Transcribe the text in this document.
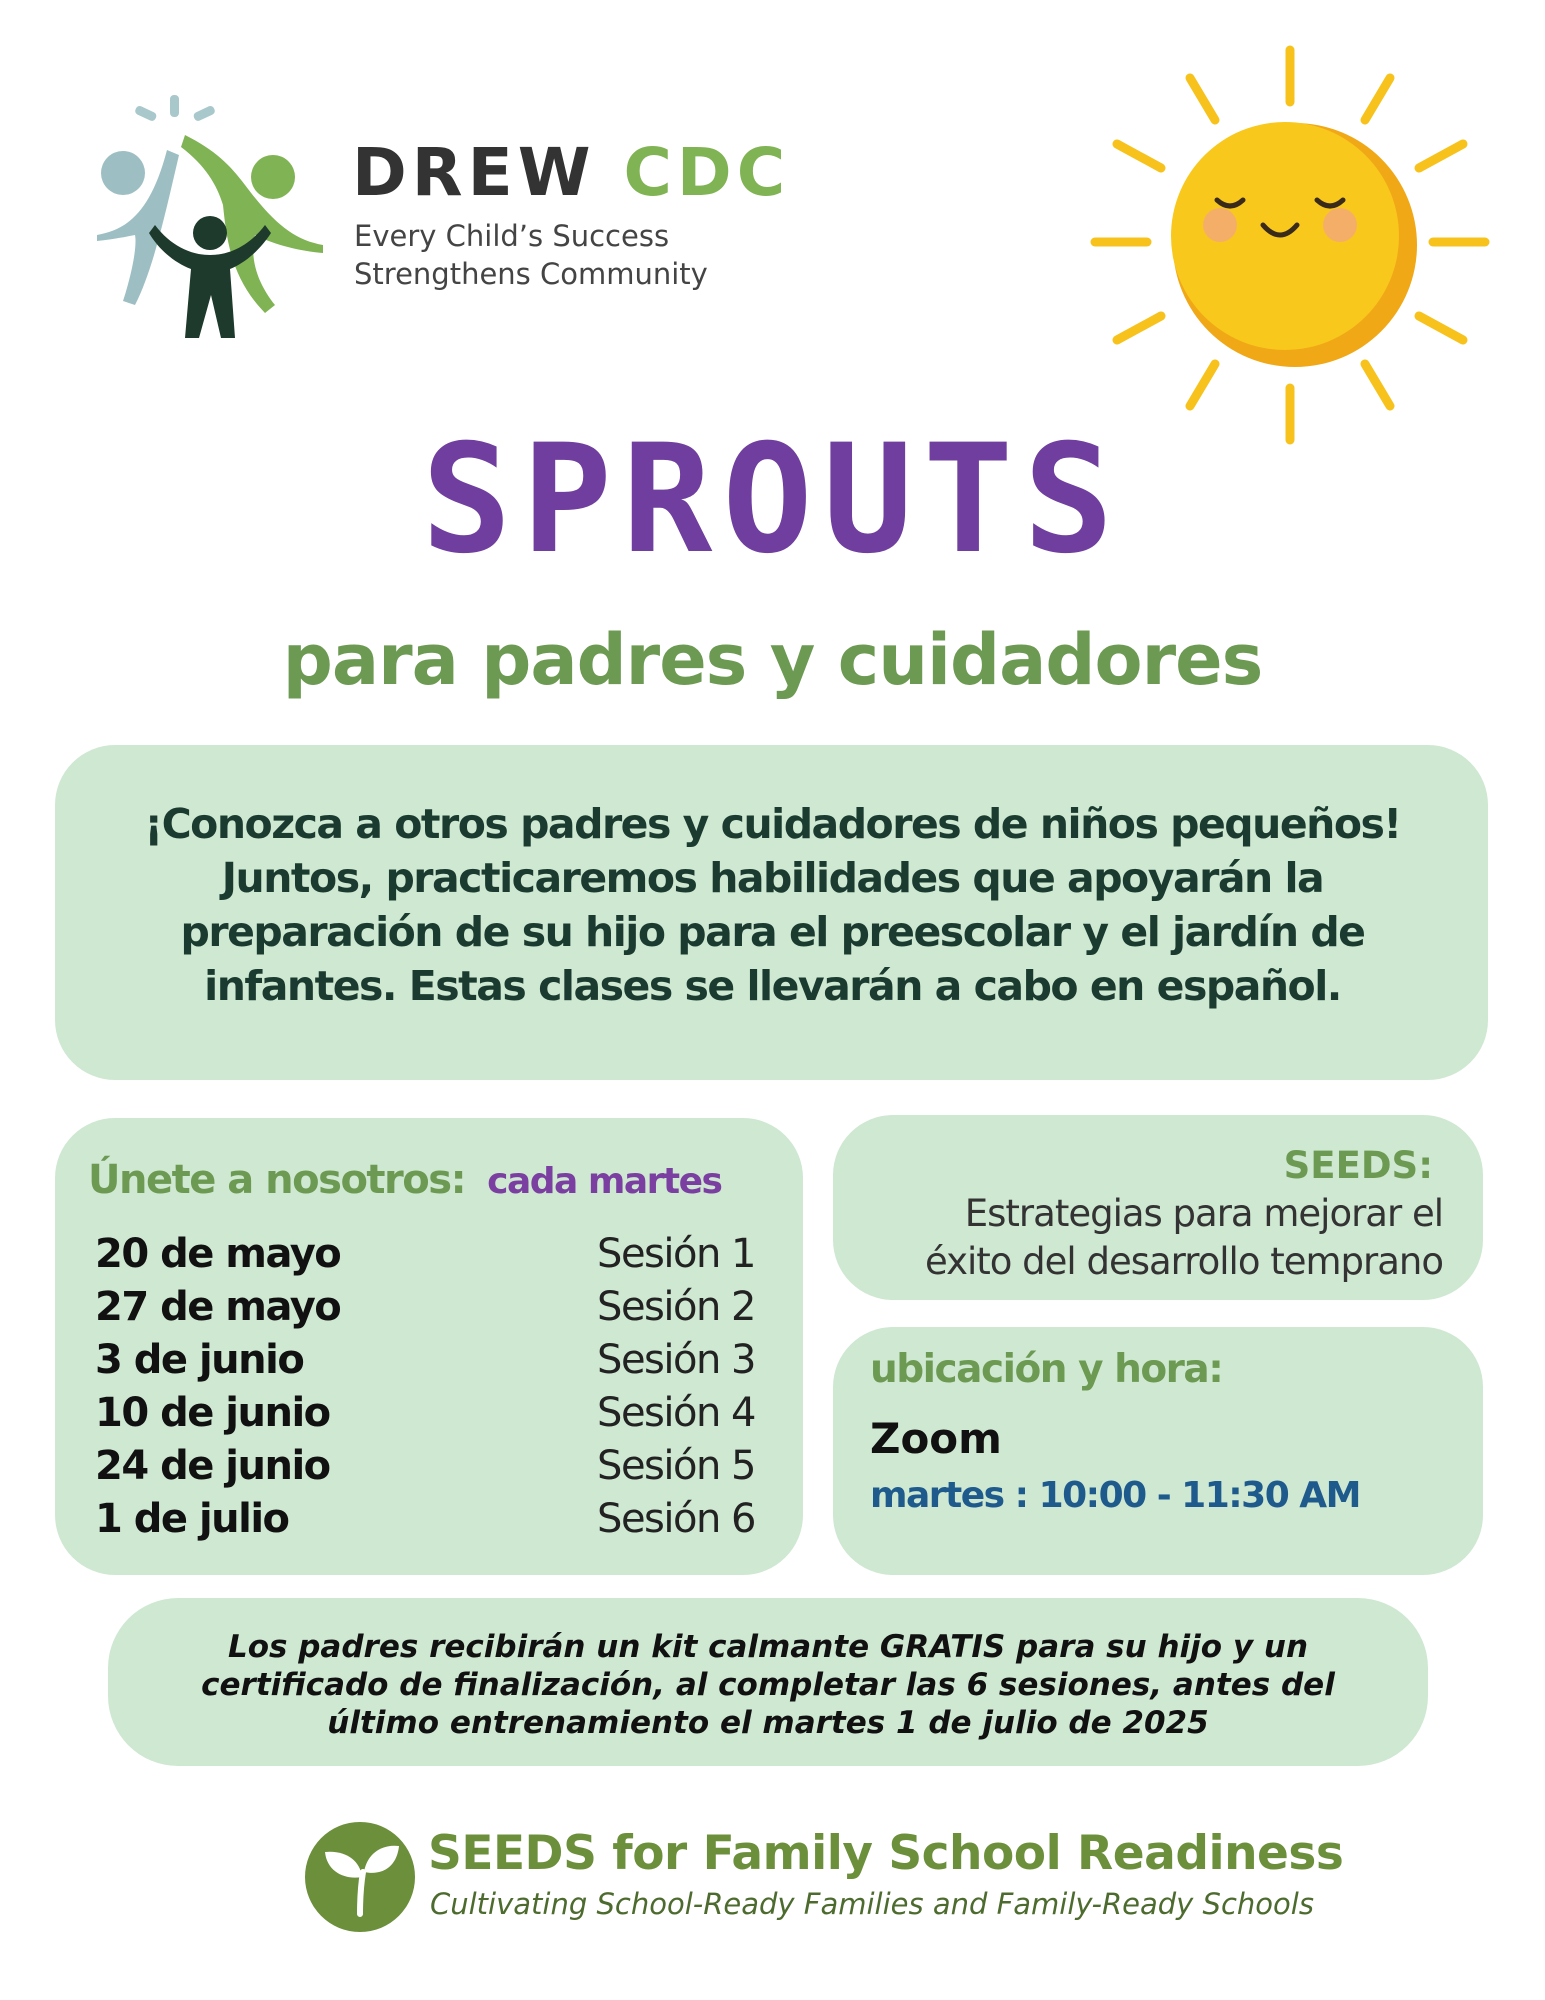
DREW CDC
Every Child’s Success
Strengthens Community
SPROUTS
para padres y cuidadores
¡Conozca a otros padres y cuidadores de niños pequeños!
Juntos, practicaremos habilidades que apoyarán la
preparación de su hijo para el preescolar y el jardín de
infantes. Estas clases se llevarán a cabo en español.
Únete a nosotros: cada martes
20 de mayo	Sesión 1
27 de mayo	Sesión 2
3 de junio	Sesión 3
10 de junio	Sesión 4
24 de junio	Sesión 5
1 de julio	Sesión 6
SEEDS:
Estrategias para mejorar el
éxito del desarrollo temprano
ubicación y hora:
Zoom
martes : 10:00 - 11:30 AM
Los padres recibirán un kit calmante GRATIS para su hijo y un
certificado de finalización, al completar las 6 sesiones, antes del
último entrenamiento el martes 1 de julio de 2025
SEEDS for Family School Readiness
Cultivating School-Ready Families and Family-Ready Schools
